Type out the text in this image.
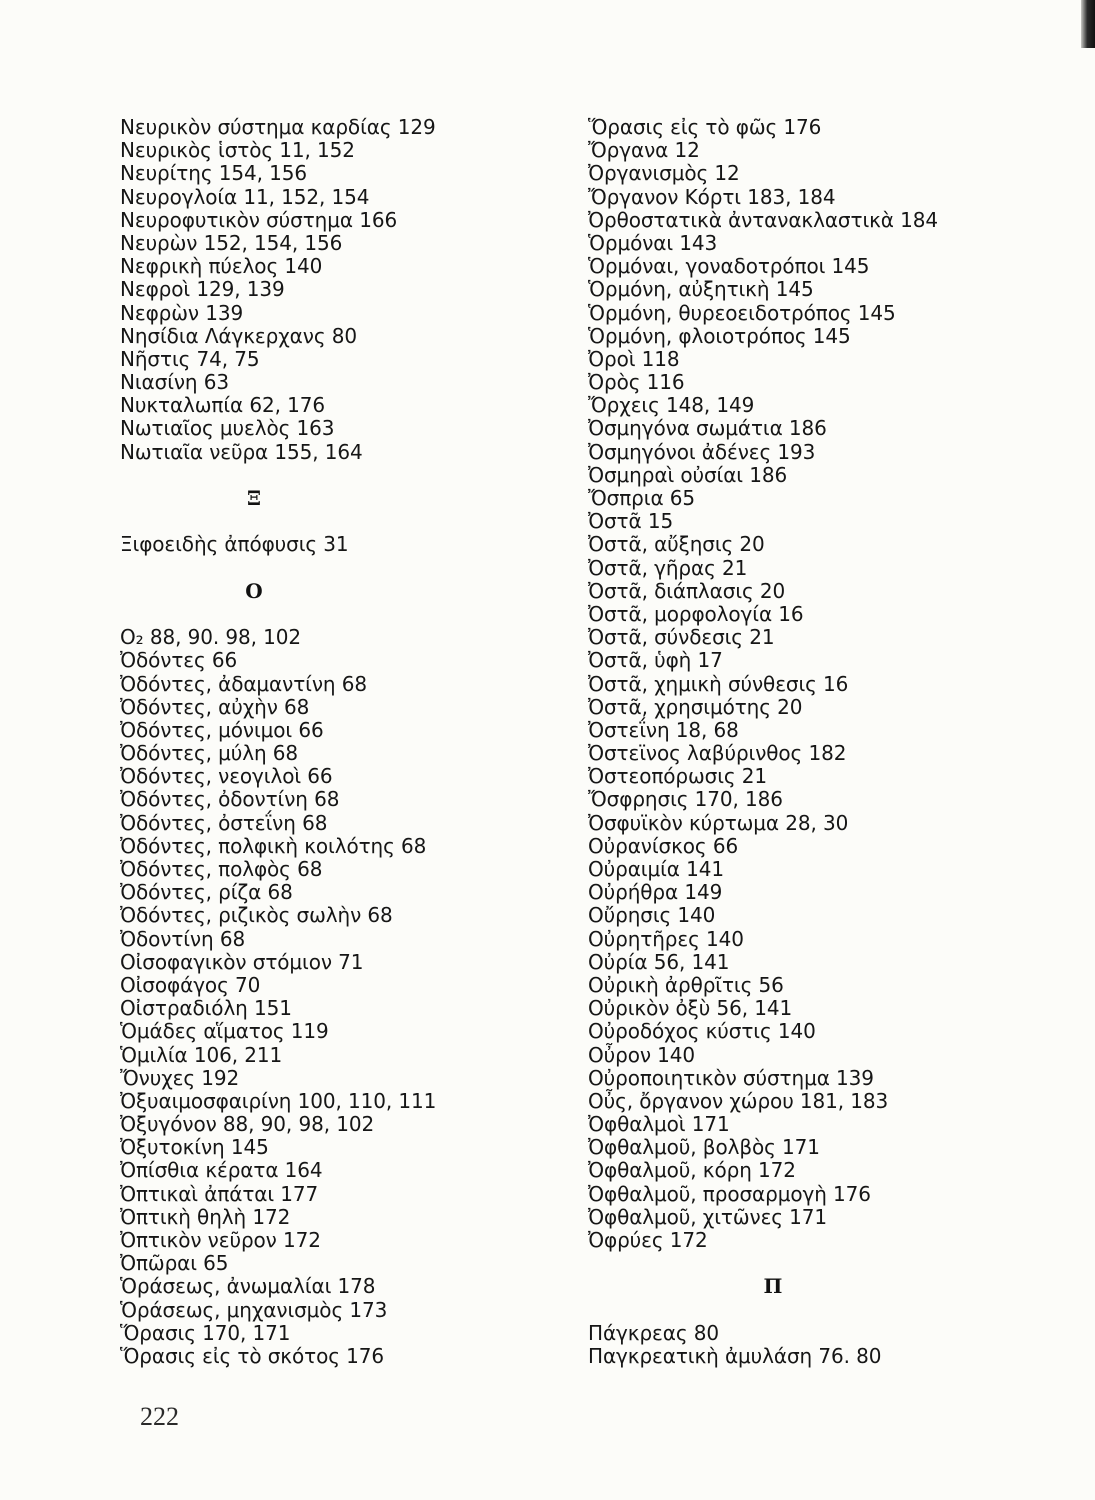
Νευρικὸν σύστημα καρδίας 129
Νευρικὸς ἱστὸς 11, 152
Νευρίτης 154, 156
Νευρογλοία 11, 152, 154
Νευροφυτικὸν σύστημα 166
Νευρὼν 152, 154, 156
Νεφρικὴ πύελος 140
Νεφροὶ 129, 139
Νεφρὼν 139
Νησίδια Λάγκερχανς 80
Νῆστις 74, 75
Νιασίνη 63
Νυκταλωπία 62, 176
Νωτιαῖος μυελὸς 163
Νωτιαῖα νεῦρα 155, 164
Ξ
Ξιφοειδὴς ἀπόφυσις 31
Ο
O₂ 88, 90. 98, 102
Ὀδόντες 66
Ὀδόντες, ἀδαμαντίνη 68
Ὀδόντες, αὐχὴν 68
Ὀδόντες, μόνιμοι 66
Ὀδόντες, μύλη 68
Ὀδόντες, νεογιλοὶ 66
Ὀδόντες, ὀδοντίνη 68
Ὀδόντες, ὀστεΐνη 68
Ὀδόντες, πολφικὴ κοιλότης 68
Ὀδόντες, πολφὸς 68
Ὀδόντες, ρίζα 68
Ὀδόντες, ριζικὸς σωλὴν 68
Ὀδοντίνη 68
Οἰσοφαγικὸν στόμιον 71
Οἰσοφάγος 70
Οἰστραδιόλη 151
Ὁμάδες αἵματος 119
Ὁμιλία 106, 211
Ὄνυχες 192
Ὀξυαιμοσφαιρίνη 100, 110, 111
Ὀξυγόνον 88, 90, 98, 102
Ὀξυτοκίνη 145
Ὀπίσθια κέρατα 164
Ὀπτικαὶ ἀπάται 177
Ὀπτικὴ θηλὴ 172
Ὀπτικὸν νεῦρον 172
Ὀπῶραι 65
Ὁράσεως, ἀνωμαλίαι 178
Ὁράσεως, μηχανισμὸς 173
Ὅρασις 170, 171
Ὅρασις εἰς τὸ σκότος 176
Ὅρασις εἰς τὸ φῶς 176
Ὄργανα 12
Ὀργανισμὸς 12
Ὄργανον Κόρτι 183, 184
Ὀρθοστατικὰ ἀντανακλαστικὰ 184
Ὁρμόναι 143
Ὁρμόναι, γοναδοτρόποι 145
Ὁρμόνη, αὐξητικὴ 145
Ὁρμόνη, θυρεοειδοτρόπος 145
Ὁρμόνη, φλοιοτρόπος 145
Ὀροὶ 118
Ὀρὸς 116
Ὄρχεις 148, 149
Ὀσμηγόνα σωμάτια 186
Ὀσμηγόνοι ἀδένες 193
Ὀσμηραὶ οὐσίαι 186
Ὄσπρια 65
Ὀστᾶ 15
Ὀστᾶ, αὔξησις 20
Ὀστᾶ, γῆρας 21
Ὀστᾶ, διάπλασις 20
Ὀστᾶ, μορφολογία 16
Ὀστᾶ, σύνδεσις 21
Ὀστᾶ, ὑφὴ 17
Ὀστᾶ, χημικὴ σύνθεσις 16
Ὀστᾶ, χρησιμότης 20
Ὀστεΐνη 18, 68
Ὀστεϊνος λαβύρινθος 182
Ὀστεοπόρωσις 21
Ὄσφρησις 170, 186
Ὀσφυϊκὸν κύρτωμα 28, 30
Οὐρανίσκος 66
Οὐραιμία 141
Οὐρήθρα 149
Οὔρησις 140
Οὐρητῆρες 140
Οὐρία 56, 141
Οὐρικὴ ἀρθρῖτις 56
Οὐρικὸν ὀξὺ 56, 141
Οὐροδόχος κύστις 140
Οὖρον 140
Οὐροποιητικὸν σύστημα 139
Οὖς, ὄργανον χώρου 181, 183
Ὀφθαλμοὶ 171
Ὀφθαλμοῦ, βολβὸς 171
Ὀφθαλμοῦ, κόρη 172
Ὀφθαλμοῦ, προσαρμογὴ 176
Ὀφθαλμοῦ, χιτῶνες 171
Ὀφρύες 172
Π
Πάγκρεας 80
Παγκρεατικὴ ἀμυλάση 76. 80
222
